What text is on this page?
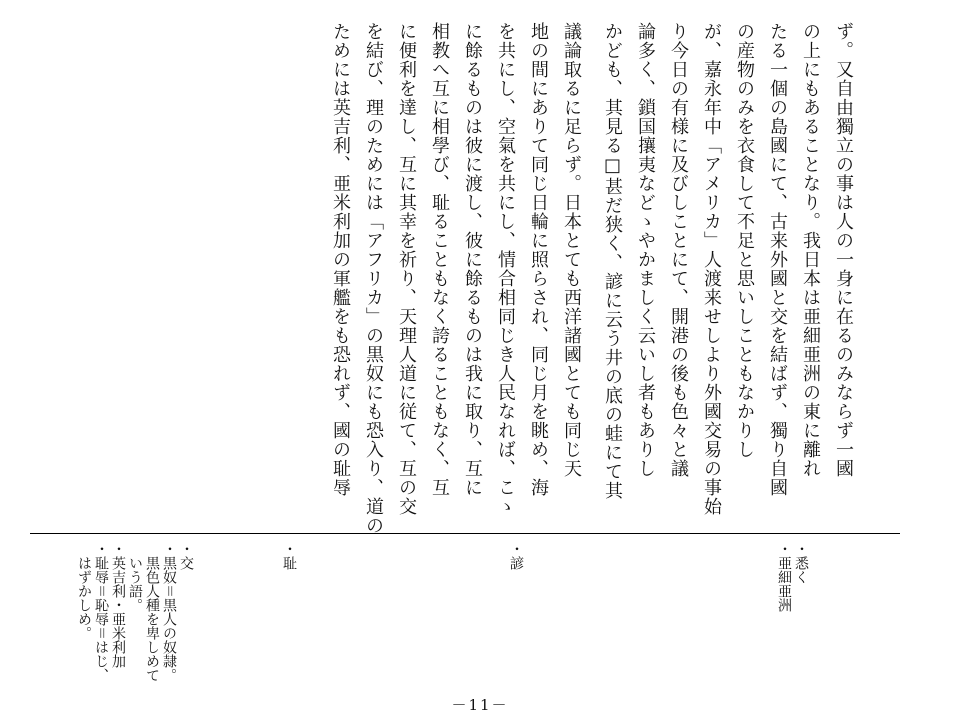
ず。又自由獨立の事は人の一身に在るのみならず一國

の上にもあることなり。我日本は亜細亜洲の東に離れ

たる一個の島國にて、古来外國と交を結ばず、獨り自國

の産物のみを衣食して不足と思いしこともなかりし

が、嘉永年中「アメリカ」人渡来せしより外國交易の事始

り今日の有様に及びしことにて、開港の後も色々と議

論多く、鎖国攘夷などゝやかましく云いし者もありし

かども、其見る□甚だ狭く、諺に云う井の底の蛙にて其

議論取るに足らず。日本とても西洋諸國とても同じ天

地の間にありて同じ日輪に照らされ、同じ月を眺め、海

を共にし、空氣を共にし、情合相同じき人民なれば、こゝ

に餘るものは彼に渡し、彼に餘るものは我に取り、互に

相教へ互に相學び、耻ることもなく誇ることもなく、互

に便利を達し、互に其幸を祈り、天理人道に従て、互の交

を結び、理のためには「アフリカ」の黒奴にも恐入り、道の

ためには英吉利、亜米利加の軍艦をも恐れず、國の耻辱

・悉く
・亜細亜洲
・諺
・耻
・交
・黒奴＝黒人の奴隷。
　黒色人種を卑しめて
　いう語。
・英吉利・亜米利加
・耻辱＝恥辱＝はじ、
　はずかしめ。
－11－
